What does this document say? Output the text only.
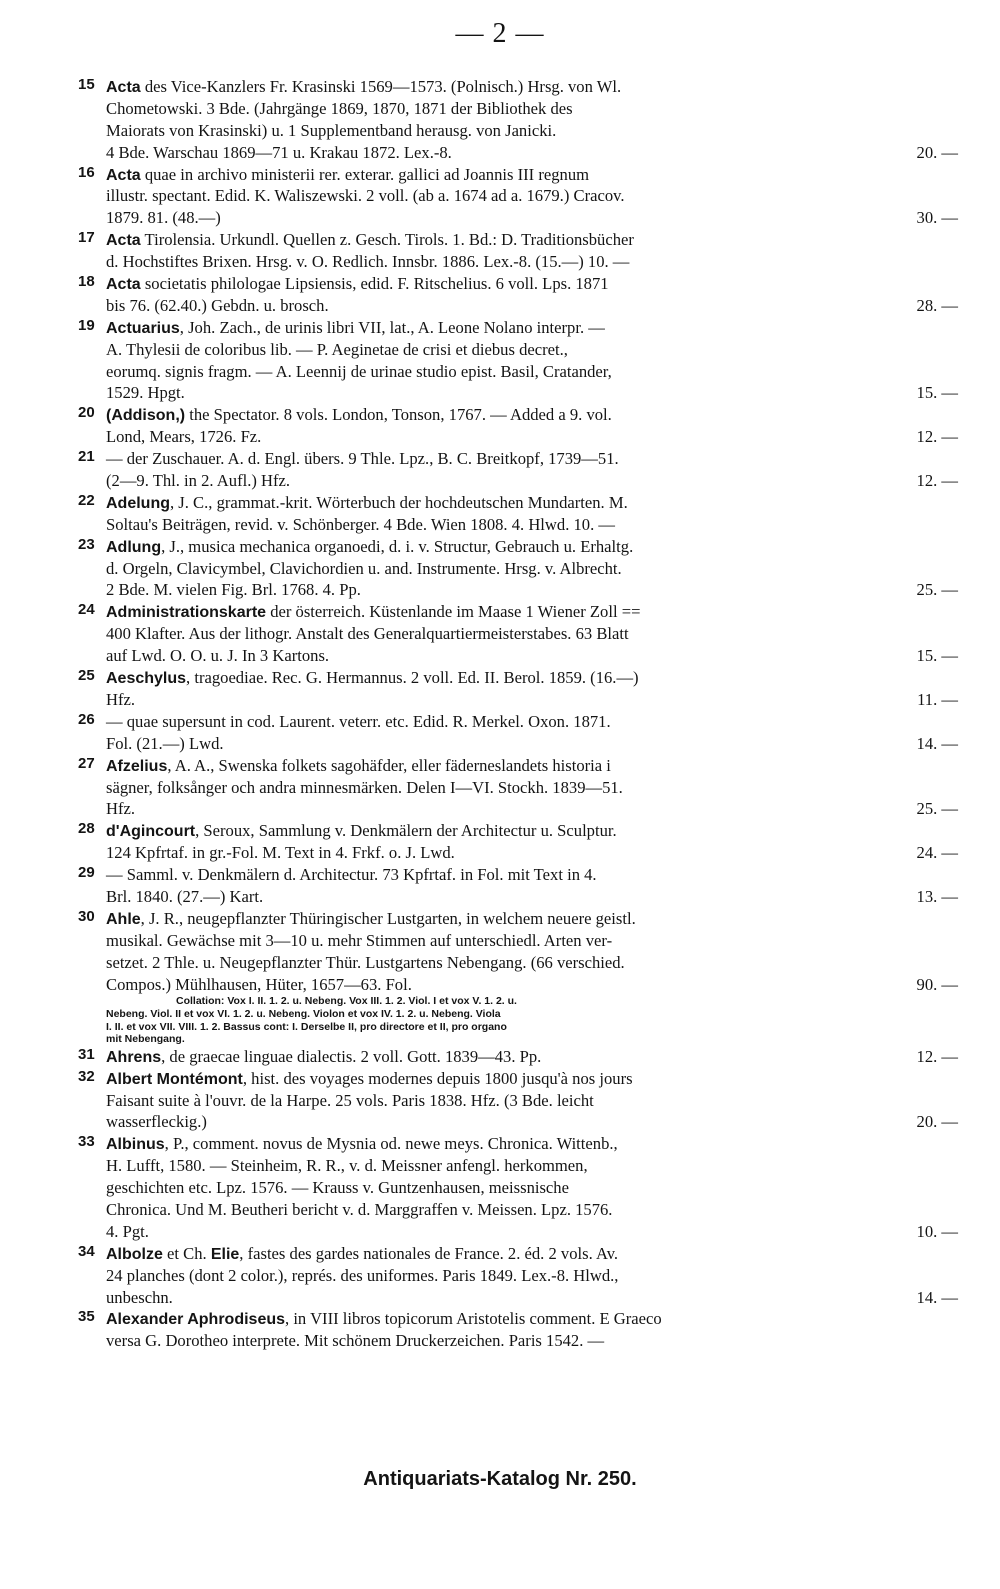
— 2 —
15 Acta des Vice-Kanzlers Fr. Krasinski 1569—1573. (Polnisch.) Hrsg. von Wl.
Chometowski. 3 Bde. (Jahrgänge 1869, 1870, 1871 der Bibliothek des
Maiorats von Krasinski) u. 1 Supplementband herausg. von Janicki.
4 Bde. Warschau 1869—71 u. Krakau 1872. Lex.-8.	20. —
16 Acta quae in archivo ministerii rer. exterar. gallici ad Joannis III regnum
illustr. spectant. Edid. K. Waliszewski. 2 voll. (ab a. 1674 ad a. 1679.) Cracov.
1879. 81. (48.—)	30. —
17 Acta Tirolensia. Urkundl. Quellen z. Gesch. Tirols. 1. Bd.: D. Traditionsbücher
d. Hochstiftes Brixen. Hrsg. v. O. Redlich. Innsbr. 1886. Lex.-8. (15.—) 10. —
18 Acta societatis philologae Lipsiensis, edid. F. Ritschelius. 6 voll. Lps. 1871
bis 76. (62.40.) Gebdn. u. brosch.	28. —
19 Actuarius, Joh. Zach., de urinis libri VII, lat., A. Leone Nolano interpr. —
A. Thylesii de coloribus lib. — P. Aeginetae de crisi et diebus decret.,
eorumq. signis fragm. — A. Leennij de urinae studio epist. Basil, Cratander,
1529. Hpgt.	15. —
20 (Addison,) the Spectator. 8 vols. London, Tonson, 1767. — Added a 9. vol.
Lond, Mears, 1726. Fz.	12. —
21 — der Zuschauer. A. d. Engl. übers. 9 Thle. Lpz., B. C. Breitkopf, 1739—51.
(2—9. Thl. in 2. Aufl.) Hfz.	12. —
22 Adelung, J. C., grammat.-krit. Wörterbuch der hochdeutschen Mundarten. M.
Soltau's Beiträgen, revid. v. Schönberger. 4 Bde. Wien 1808. 4. Hlwd. 10. —
23 Adlung, J., musica mechanica organoedi, d. i. v. Structur, Gebrauch u. Erhaltg.
d. Orgeln, Clavicymbel, Clavichordien u. and. Instrumente. Hrsg. v. Albrecht.
2 Bde. M. vielen Fig. Brl. 1768. 4. Pp.	25. —
24 Administrationskarte der österreich. Küstenlande im Maase 1 Wiener Zoll ==
400 Klafter. Aus der lithogr. Anstalt des Generalquartiermeisterstabes. 63 Blatt
auf Lwd. O. O. u. J. In 3 Kartons.	15. —
25 Aeschylus, tragoediae. Rec. G. Hermannus. 2 voll. Ed. II. Berol. 1859. (16.—)
Hfz.	11. —
26 — quae supersunt in cod. Laurent. veterr. etc. Edid. R. Merkel. Oxon. 1871.
Fol. (21.—) Lwd.	14. —
27 Afzelius, A. A., Swenska folkets sagohäfder, eller fäderneslandets historia i
sägner, folksånger och andra minnesmärken. Delen I—VI. Stockh. 1839—51.
Hfz.	25. —
28 d'Agincourt, Seroux, Sammlung v. Denkmälern der Architectur u. Sculptur.
124 Kpfrtaf. in gr.-Fol. M. Text in 4. Frkf. o. J. Lwd.	24. —
29 — Samml. v. Denkmälern d. Architectur. 73 Kpfrtaf. in Fol. mit Text in 4.
Brl. 1840. (27.—) Kart.	13. —
30 Ahle, J. R., neugepflanzter Thüringischer Lustgarten, in welchem neuere geistl.
musikal. Gewächse mit 3—10 u. mehr Stimmen auf unterschiedl. Arten ver-
setzet. 2 Thle. u. Neugepflanzter Thür. Lustgartens Nebengang. (66 verschied.
Compos.) Mühlhausen, Hüter, 1657—63. Fol.	90. —
Collation: Vox I. II. 1. 2. u. Nebeng. Vox III. 1. 2. Viol. I et vox V. 1. 2. u.
Nebeng. Viol. II et vox VI. 1. 2. u. Nebeng. Violon et vox IV. 1. 2. u. Nebeng. Viola
I. II. et vox VII. VIII. 1. 2. Bassus cont: I. Derselbe II, pro directore et II, pro organo
mit Nebengang.
31 Ahrens, de graecae linguae dialectis. 2 voll. Gott. 1839—43. Pp.	12. —
32 Albert Montémont, hist. des voyages modernes depuis 1800 jusqu'à nos jours
Faisant suite à l'ouvr. de la Harpe. 25 vols. Paris 1838. Hfz. (3 Bde. leicht
wasserfleckig.)	20. —
33 Albinus, P., comment. novus de Mysnia od. newe meys. Chronica. Wittenb.,
H. Lufft, 1580. — Steinheim, R. R., v. d. Meissner anfengl. herkommen,
geschichten etc. Lpz. 1576. — Krauss v. Guntzenhausen, meissnische
Chronica. Und M. Beutheri bericht v. d. Marggraffen v. Meissen. Lpz. 1576.
4. Pgt.	10. —
34 Albolze et Ch. Elie, fastes des gardes nationales de France. 2. éd. 2 vols. Av.
24 planches (dont 2 color.), représ. des uniformes. Paris 1849. Lex.-8. Hlwd.,
unbeschn.	14. —
35 Alexander Aphrodiseus, in VIII libros topicorum Aristotelis comment. E Graeco
versa G. Dorotheo interprete. Mit schönem Druckerzeichen. Paris 1542. —
Antiquariats-Katalog Nr. 250.
